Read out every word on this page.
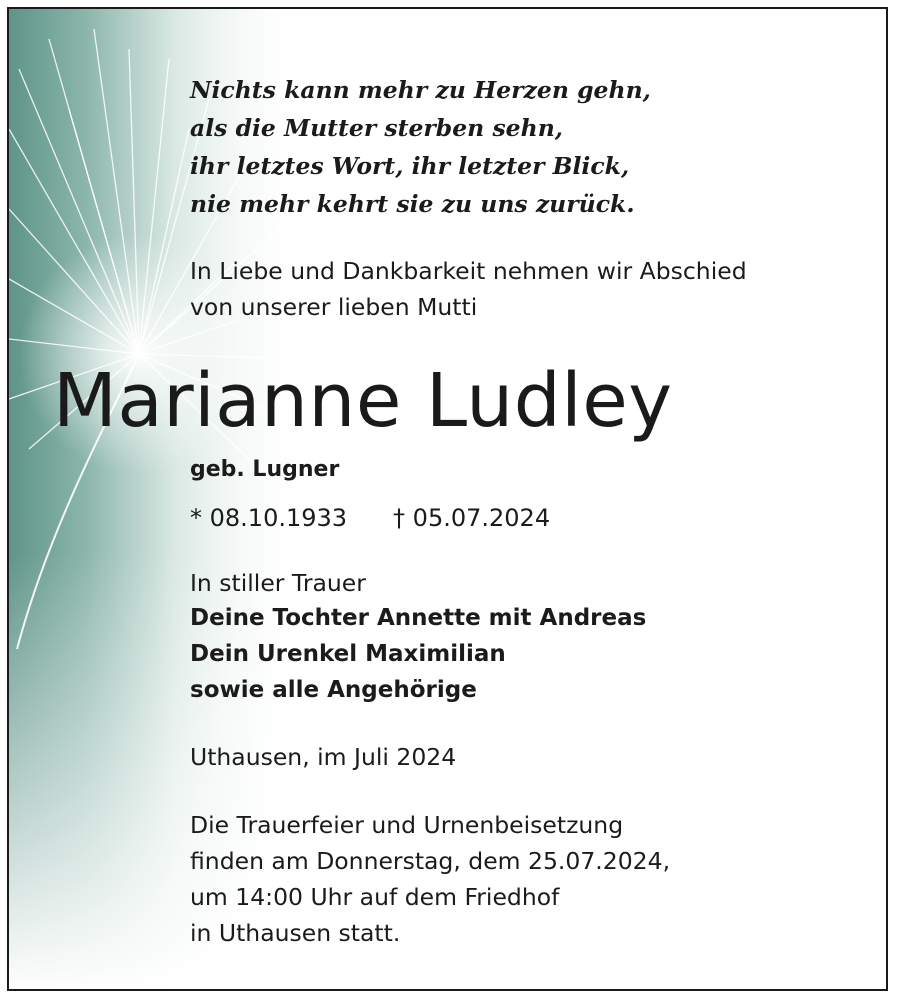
Nichts kann mehr zu Herzen gehn,
als die Mutter sterben sehn,
ihr letztes Wort, ihr letzter Blick,
nie mehr kehrt sie zu uns zurück.
In Liebe und Dankbarkeit nehmen wir Abschied
von unserer lieben Mutti
Marianne Ludley
geb. Lugner
* 08.10.1933 † 05.07.2024
In stiller Trauer
Deine Tochter Annette mit Andreas
Dein Urenkel Maximilian
sowie alle Angehörige
Uthausen, im Juli 2024
Die Trauerfeier und Urnenbeisetzung
finden am Donnerstag, dem 25.07.2024,
um 14:00 Uhr auf dem Friedhof
in Uthausen statt.
